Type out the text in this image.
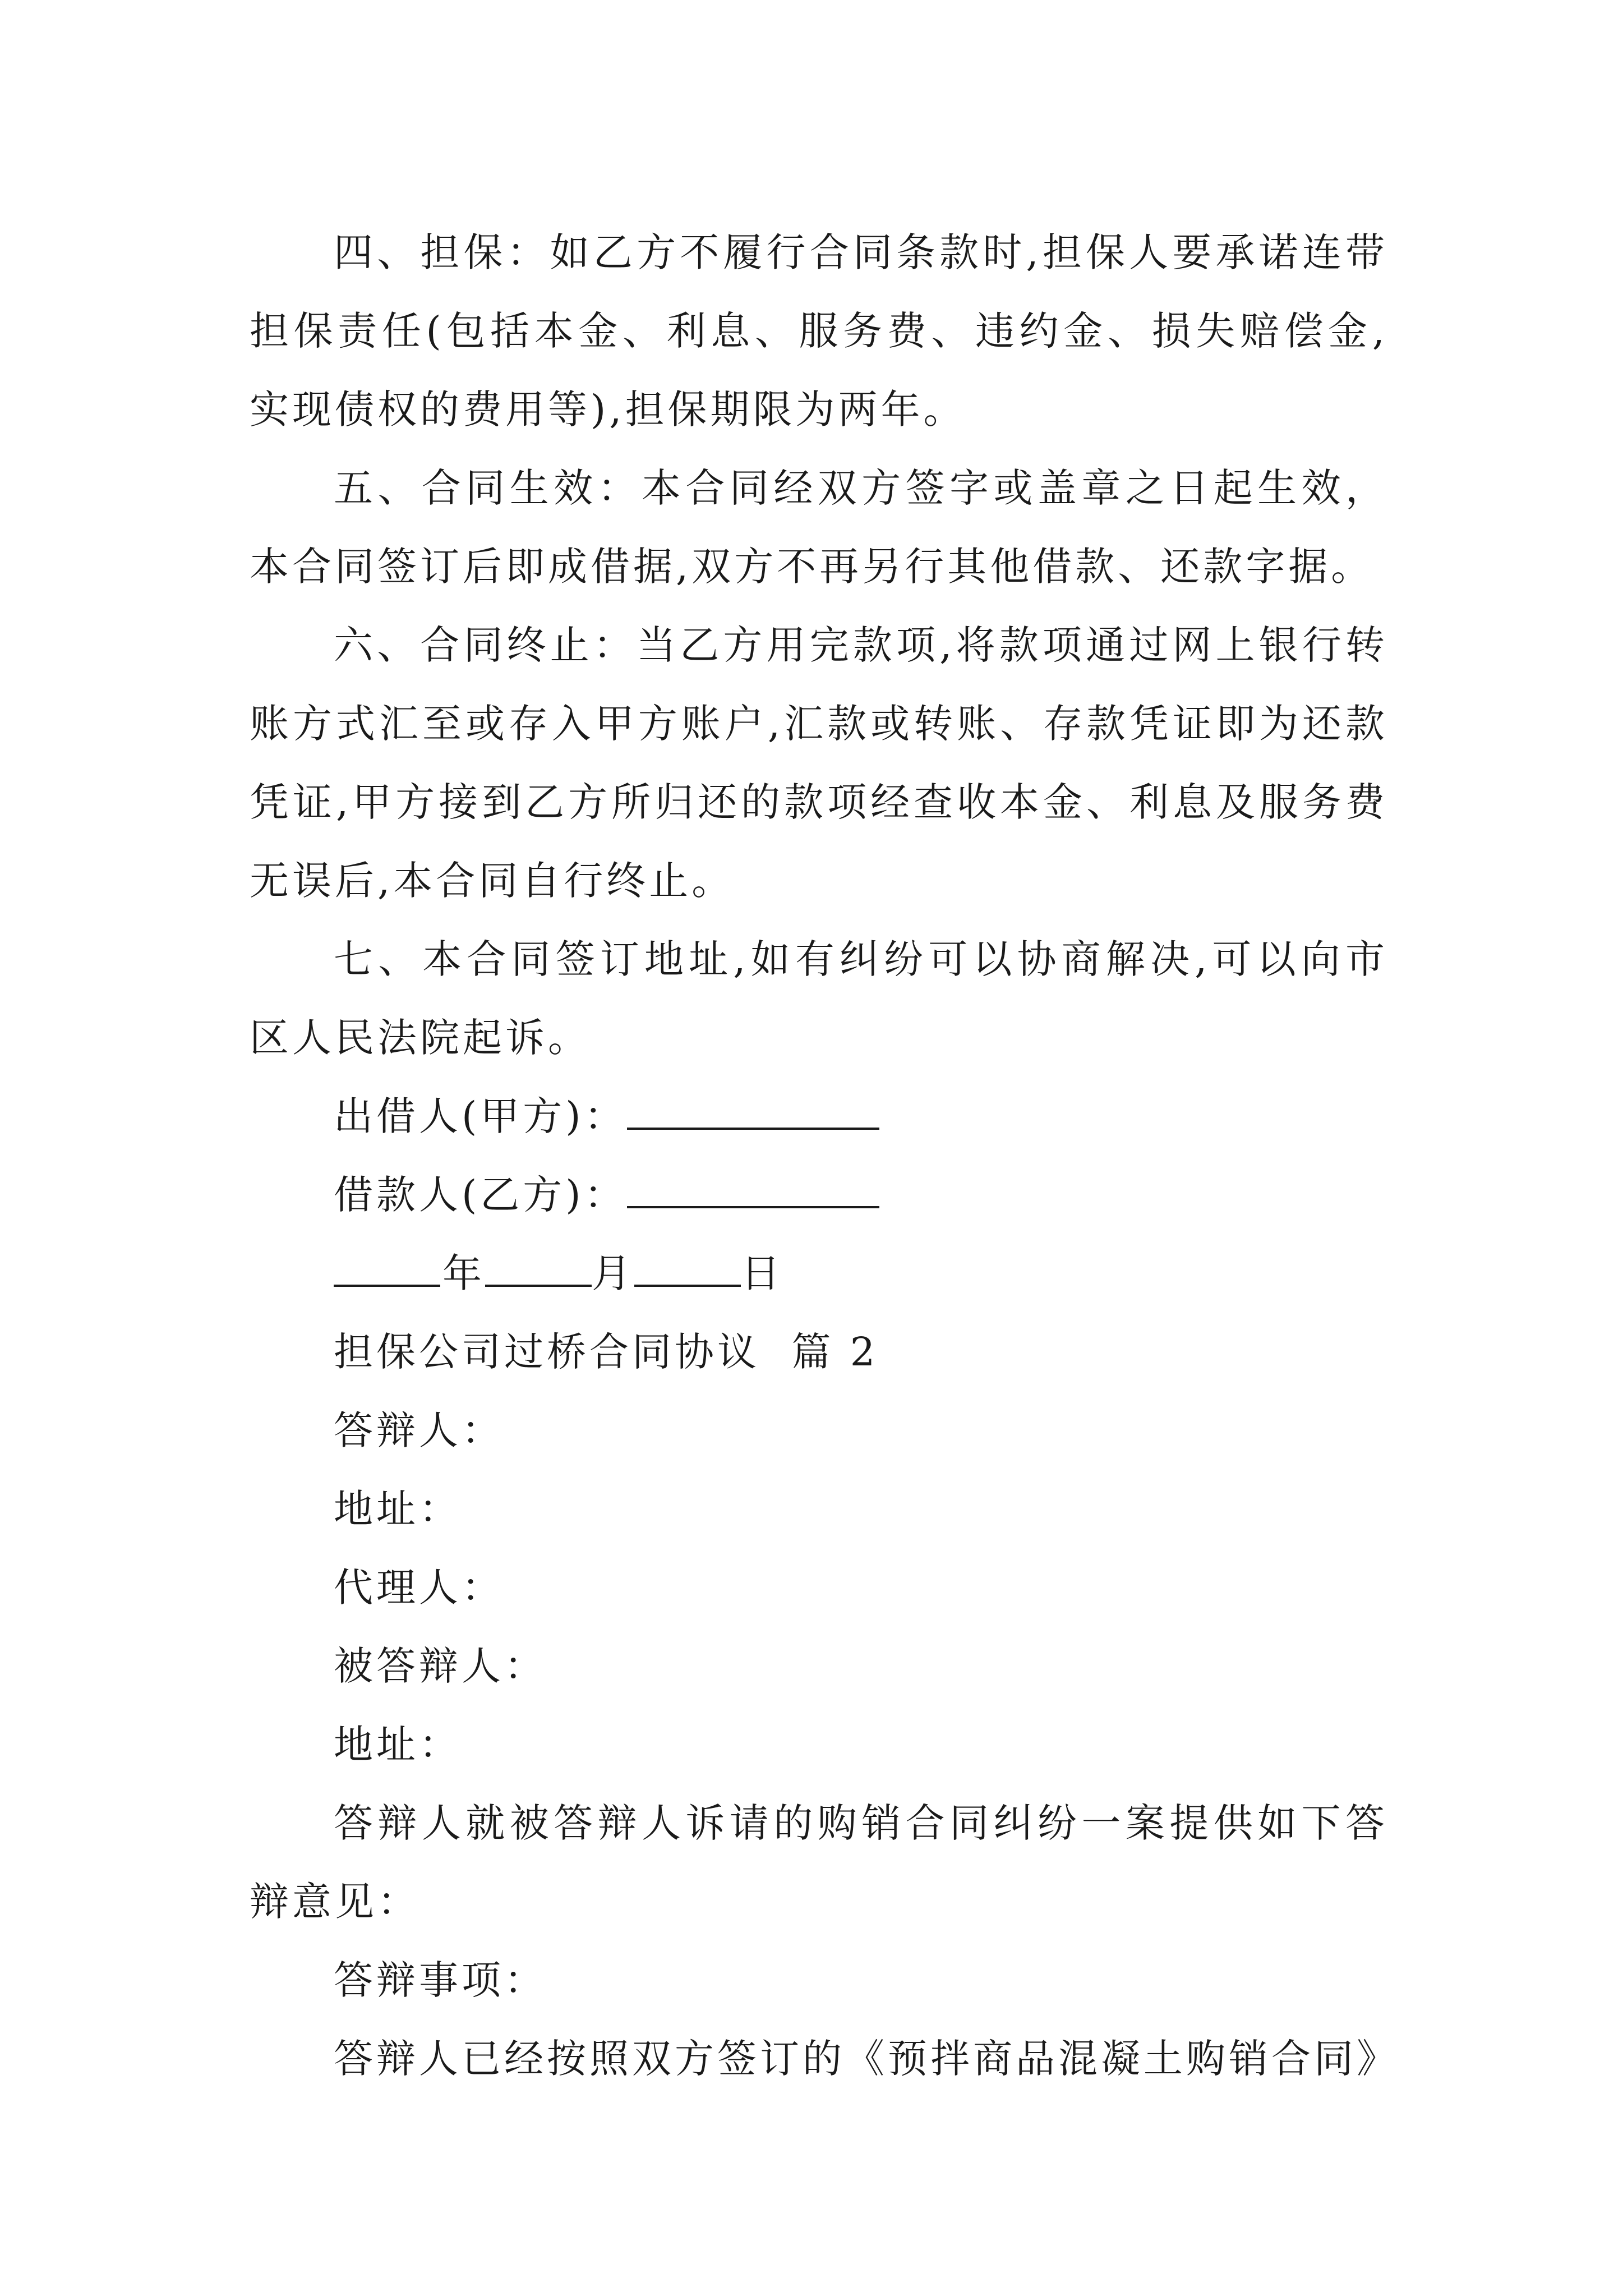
四、担保：如乙方不履行合同条款时,担保人要承诺连带担保责任(包括本金、利息、服务费、违约金、损失赔偿金,实现债权的费用等),担保期限为两年。

五、合同生效：本合同经双方签字或盖章之日起生效，本合同签订后即成借据,双方不再另行其他借款、还款字据。

六、合同终止：当乙方用完款项,将款项通过网上银行转账方式汇至或存入甲方账户,汇款或转账、存款凭证即为还款凭证,甲方接到乙方所归还的款项经查收本金、利息及服务费无误后,本合同自行终止。

七、本合同签订地址,如有纠纷可以协商解决,可以向市区人民法院起诉。

出借人(甲方)：

借款人(乙方)：

年	月	日

担保公司过桥合同协议  篇 2

答辩人：

地址：

代理人：

被答辩人：

地址：

答辩人就被答辩人诉请的购销合同纠纷一案提供如下答辩意见：

答辩事项：

答辩人已经按照双方签订的《预拌商品混凝土购销合同》
